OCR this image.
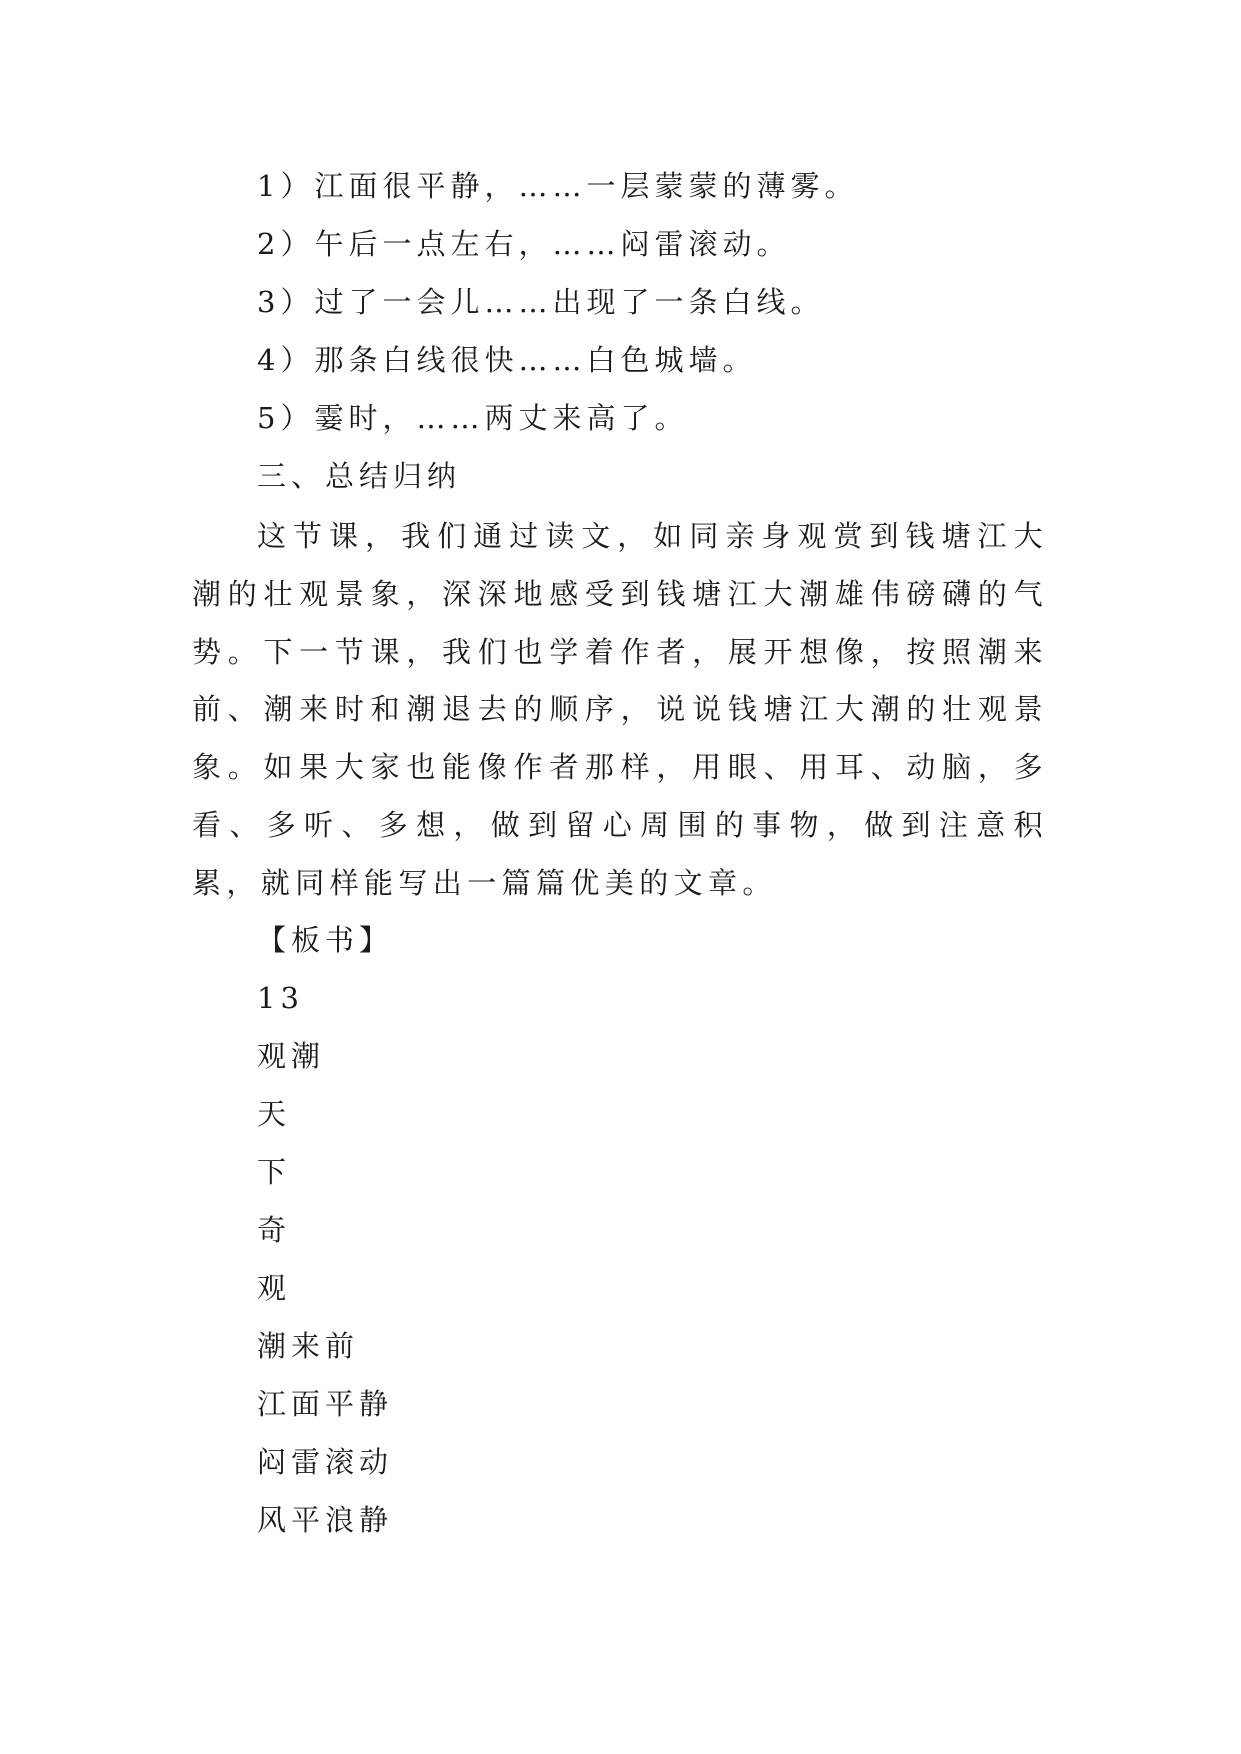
1）江面很平静，……一层蒙蒙的薄雾。
2）午后一点左右，……闷雷滚动。
3）过了一会儿……出现了一条白线。
4）那条白线很快……白色城墙。
5）霎时，……两丈来高了。
三、总结归纳

这节课，我们通过读文，如同亲身观赏到钱塘江大潮的壮观景象，深深地感受到钱塘江大潮雄伟磅礴的气势。下一节课，我们也学着作者，展开想像，按照潮来前、潮来时和潮退去的顺序，说说钱塘江大潮的壮观景象。如果大家也能像作者那样，用眼、用耳、动脑，多看、多听、多想，做到留心周围的事物，做到注意积累，就同样能写出一篇篇优美的文章。

【板书】
13
观潮
天
下
奇
观
潮来前
江面平静
闷雷滚动
风平浪静
